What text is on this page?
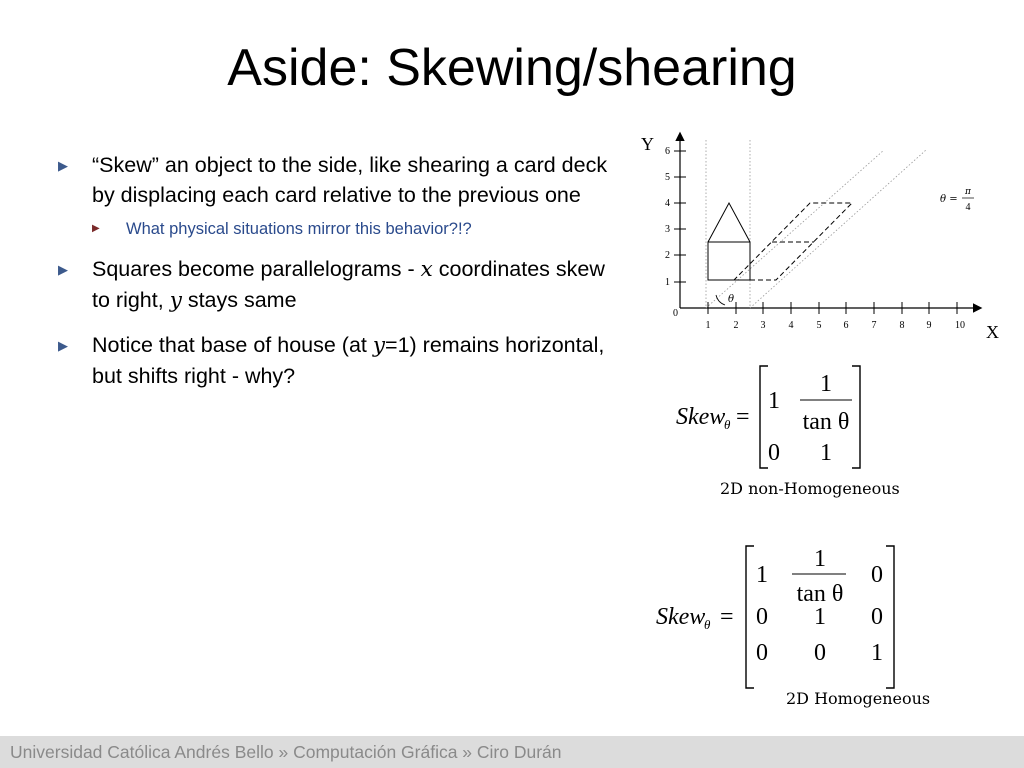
Aside: Skewing/shearing
▶ “Skew” an object to the side, like shearing a card deck by displacing each card relative to the previous one
▶ What physical situations mirror this behavior?!?
▶ Squares become parallelograms - x coordinates skew to right, y stays same
▶ Notice that base of house (at y=1) remains horizontal, but shifts right - why?
Y
X
0
1
2
3
4
5
6
1 2 3 4 5 6 7 8 9 10
θ
θ =
π
4
Skew
θ =
1
1
tan θ
0 1
2D non-Homogeneous
Skew
θ =
1
1
tan θ
0
0 1 0
0 0 1
2D Homogeneous
Universidad Católica Andrés Bello » Computación Gráfica » Ciro Durán
